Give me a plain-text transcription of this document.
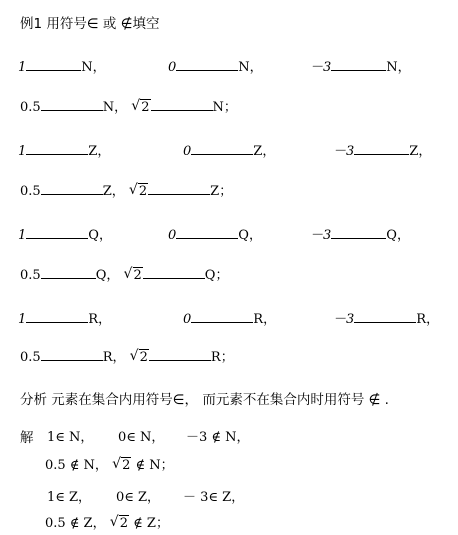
例1 用符号∈ 或 ∉填空
1	N，	0	N，	－3	N，
0.5	N， √ 2	N；
1	Z，	0	Z，	－3	Z，
0.5	Z， √ 2	Z；
1	Q，	0	Q，	－3	Q，
0.5	Q， √ 2	Q；
1	R，	0	R，	－3	R，
0.5	R， √ 2	R；
分析 元素在集合内用符号∈， 而元素不在集合内时用符号 ∉ .
解 1∈ N， 0∈ N， －3 ∉ N，
0.5 ∉ N， √ 2 ∉ N；
1∈ Z， 0∈ Z， － 3∈ Z，
0.5 ∉ Z， √ 2 ∉ Z；
